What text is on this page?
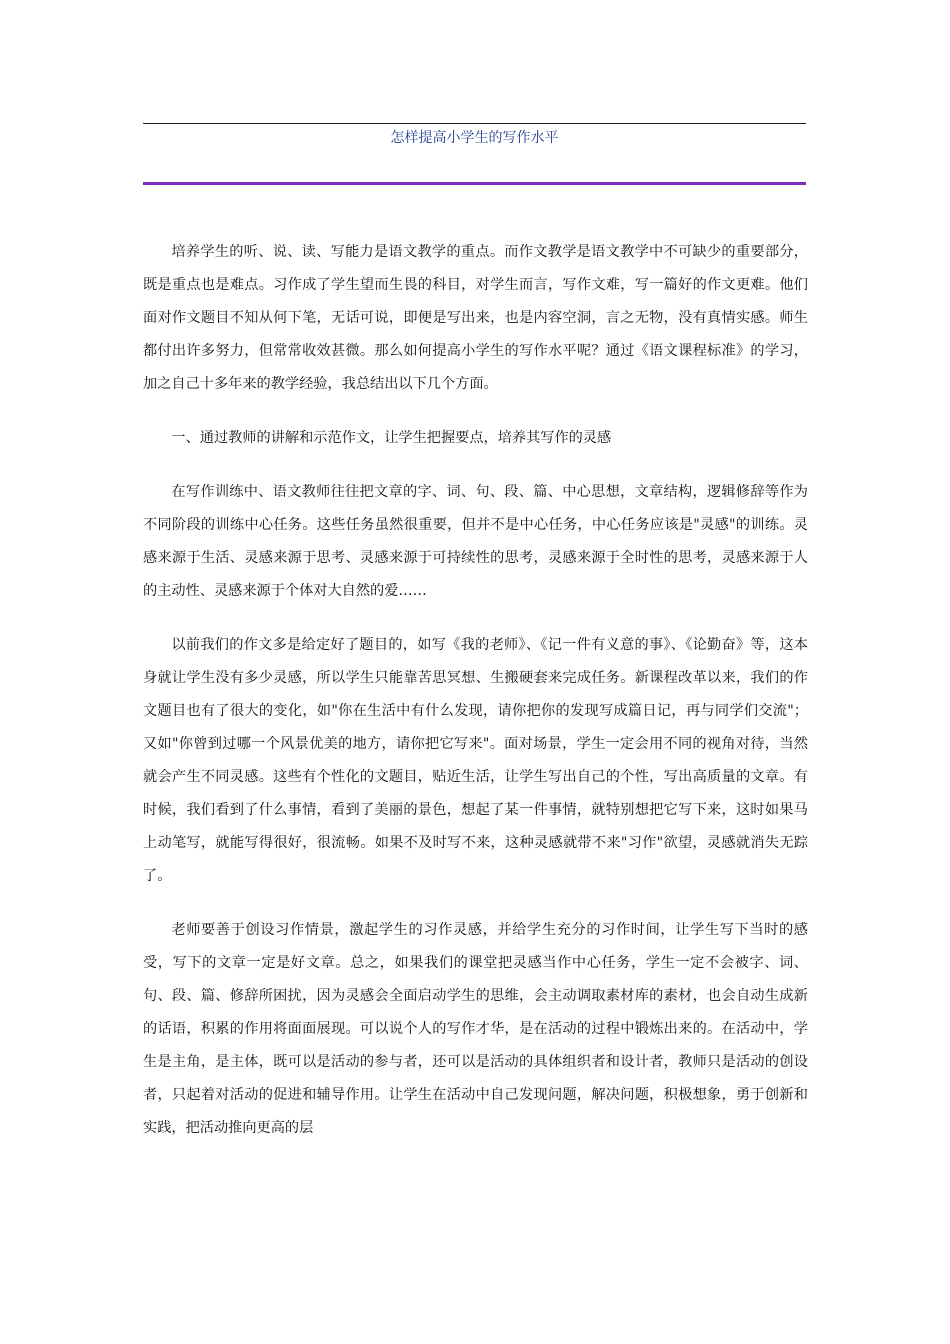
怎样提高小学生的写作水平

培养学生的听、说、读、写能力是语文教学的重点。而作文教学是语文教学中不可缺少的重要部分，既是重点也是难点。习作成了学生望而生畏的科目，对学生而言，写作文难，写一篇好的作文更难。他们面对作文题目不知从何下笔，无话可说，即便是写出来，也是内容空洞，言之无物，没有真情实感。师生都付出许多努力，但常常收效甚微。那么如何提高小学生的写作水平呢？通过《语文课程标准》的学习，加之自己十多年来的教学经验，我总结出以下几个方面。

一、通过教师的讲解和示范作文，让学生把握要点，培养其写作的灵感

在写作训练中、语文教师往往把文章的字、词、句、段、篇、中心思想，文章结构，逻辑修辞等作为不同阶段的训练中心任务。这些任务虽然很重要，但并不是中心任务，中心任务应该是"灵感"的训练。灵感来源于生活、灵感来源于思考、灵感来源于可持续性的思考，灵感来源于全时性的思考，灵感来源于人的主动性、灵感来源于个体对大自然的爱……

以前我们的作文多是给定好了题目的，如写《我的老师》、《记一件有义意的事》、《论勤奋》等，这本身就让学生没有多少灵感，所以学生只能靠苦思冥想、生搬硬套来完成任务。新课程改革以来，我们的作文题目也有了很大的变化，如"你在生活中有什么发现，请你把你的发现写成篇日记，再与同学们交流"；又如"你曾到过哪一个风景优美的地方，请你把它写来"。面对场景，学生一定会用不同的视角对待，当然就会产生不同灵感。这些有个性化的文题目，贴近生活，让学生写出自己的个性，写出高质量的文章。有时候，我们看到了什么事情，看到了美丽的景色，想起了某一件事情，就特别想把它写下来，这时如果马上动笔写，就能写得很好，很流畅。如果不及时写不来，这种灵感就带不来"习作"欲望，灵感就消失无踪了。

老师要善于创设习作情景，激起学生的习作灵感，并给学生充分的习作时间，让学生写下当时的感受，写下的文章一定是好文章。总之，如果我们的课堂把灵感当作中心任务，学生一定不会被字、词、句、段、篇、修辞所困扰，因为灵感会全面启动学生的思维，会主动调取素材库的素材，也会自动生成新的话语，积累的作用将面面展现。可以说个人的写作才华，是在活动的过程中锻炼出来的。在活动中，学生是主角，是主体，既可以是活动的参与者，还可以是活动的具体组织者和设计者，教师只是活动的创设者，只起着对活动的促进和辅导作用。让学生在活动中自己发现问题，解决问题，积极想象，勇于创新和实践，把活动推向更高的层
